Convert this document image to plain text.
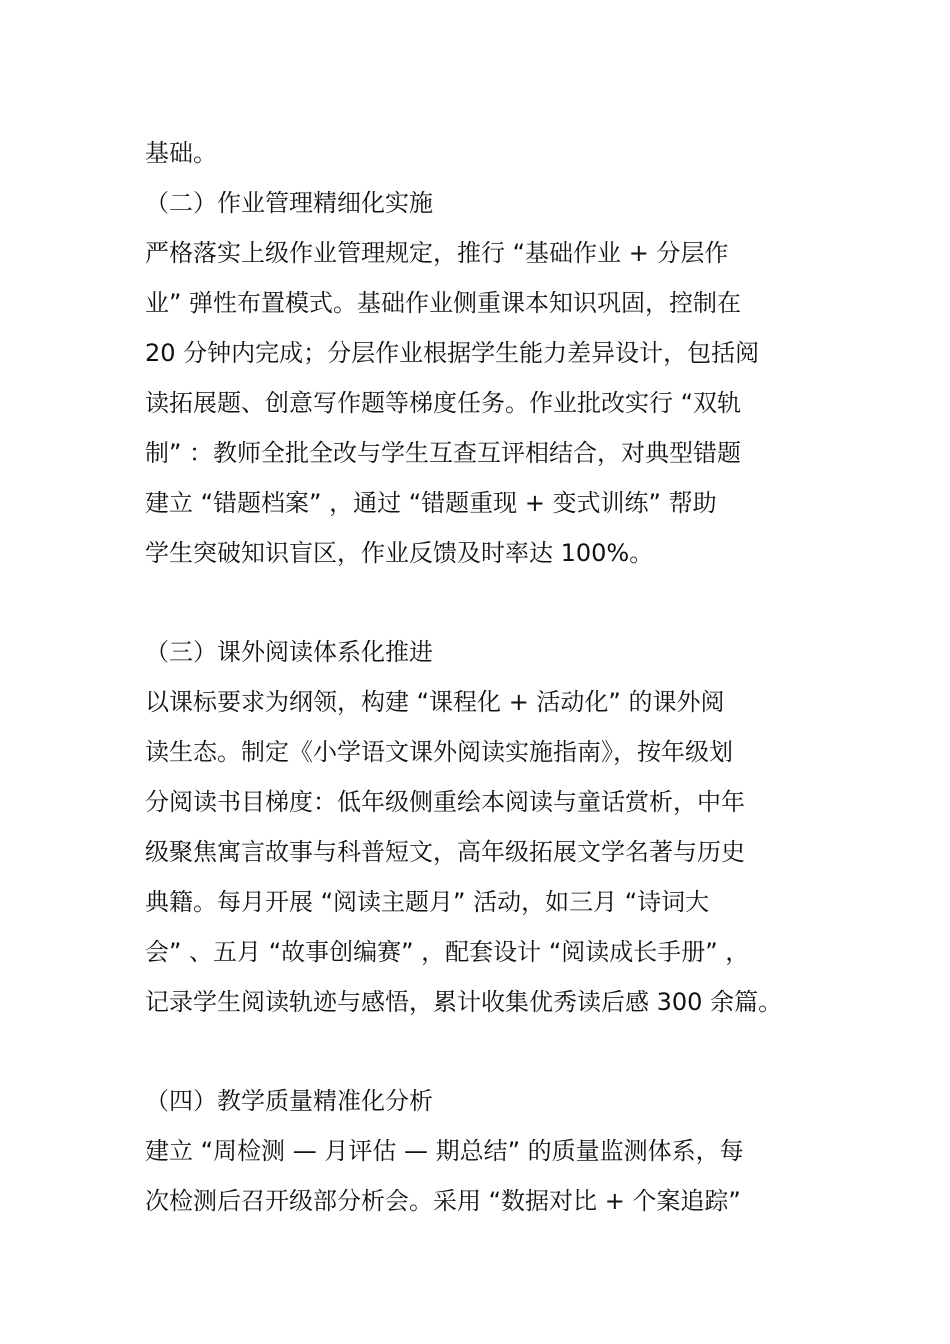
基础。
（二）作业管理精细化实施
严格落实上级作业管理规定，推行 “基础作业 + 分层作
业” 弹性布置模式。基础作业侧重课本知识巩固，控制在
20 分钟内完成；分层作业根据学生能力差异设计，包括阅
读拓展题、创意写作题等梯度任务。作业批改实行 “双轨
制” ：教师全批全改与学生互查互评相结合，对典型错题
建立 “错题档案” ，通过 “错题重现 + 变式训练” 帮助
学生突破知识盲区，作业反馈及时率达 100%。
（三）课外阅读体系化推进
以课标要求为纲领，构建 “课程化 + 活动化” 的课外阅
读生态。制定《小学语文课外阅读实施指南》，按年级划
分阅读书目梯度：低年级侧重绘本阅读与童话赏析，中年
级聚焦寓言故事与科普短文，高年级拓展文学名著与历史
典籍。每月开展 “阅读主题月” 活动，如三月 “诗词大
会” 、五月 “故事创编赛” ，配套设计 “阅读成长手册” ，
记录学生阅读轨迹与感悟，累计收集优秀读后感 300 余篇。
（四）教学质量精准化分析
建立 “周检测 — 月评估 — 期总结” 的质量监测体系，每
次检测后召开级部分析会。采用 “数据对比 + 个案追踪”
